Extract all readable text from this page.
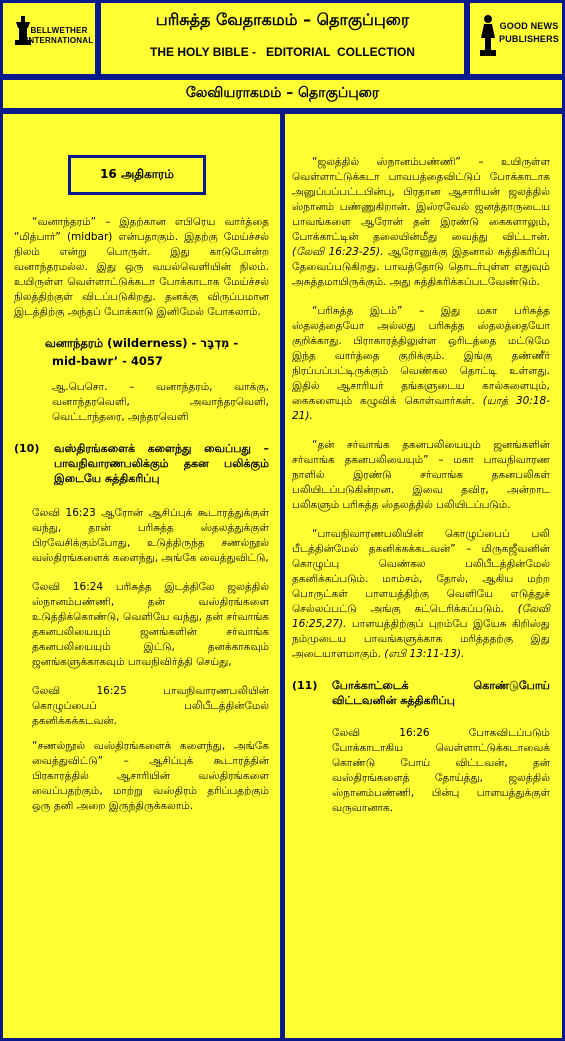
BELLWETHER
INTERNATIONAL
பரிசுத்த வேதாகமம் – தொகுப்புரை
THE HOLY BIBLE -   EDITORIAL  COLLECTION
GOOD NEWS
PUBLISHERS
லேவியராகமம் – தொகுப்புரை
16 அதிகாரம்

“வனாந்தரம்” – இதற்கான எபிரெய வார்த்தை “மித்பார்” (midbar) என்பதாகும். இதற்கு மேய்ச்சல் நிலம் என்று பொருள். இது காடுபோன்ற வனாந்தரமல்ல. இது ஒரு வயல்வெளியின் நிலம். உயிருள்ள வெள்ளாட்டுக்கடா போக்காடாக மேய்ச்சல் நிலத்திற்குள் விடப்படுகிறது. தனக்கு விருப்பமான இடத்திற்கு அந்தப் போக்காடு இனிமேல் போகலாம்.

வனாந்தரம் (wilderness) - מִדְבָּר -
mid-bawr’ - 4057

ஆ.பெசொ. – வனாந்தரம், வாக்கு, வனாந்தரவெளி, அவாந்தரவெளி, வெட்டாந்தரை, அந்தரவெளி

(10)	வஸ்திரங்களைக் களைந்து வைப்பது – பாவநிவாரணபலிக்கும் தகன பலிக்கும் இடையே சுத்திகரிப்பு

லேவி 16:23 ஆரோன் ஆசிப்புக் கூடாரத்துக்குள் வந்து, தான் பரிசுத்த ஸ்தலத்துக்குள் பிரவேசிக்கும்போது, உடுத்திருந்த சணல்நூல் வஸ்திரங்களைக் களைந்து, அங்கே வைத்துவிட்டு,

லேவி 16:24 பரிசுத்த இடத்திலே ஜலத்தில் ஸ்நானம்பண்ணி, தன் வஸ்திரங்களை உடுத்திக்கொண்டு, வெளியே வந்து, தன் சர்வாங்க தகனபலியையும் ஜனங்களின் சர்வாங்க தகனபலியையும் இட்டு, தனக்காகவும் ஜனங்களுக்காகவும் பாவநிவிர்த்தி செய்து,

லேவி 16:25	பாவநிவாரணபலியின் கொழுப்பைப் பலிபீடத்தின்மேல் தகனிக்கக்கடவன்.

“சணல்நூல் வஸ்திரங்களைக் களைந்து, அங்கே வைத்துவிட்டு” – ஆசிப்புக் கூடாரத்தின் பிரகாரத்தில் ஆசாரியின் வஸ்திரங்களை வைப்பதற்கும், மாற்று வஸ்திரம் தரிப்பதற்கும் ஒரு தனி அறை இருந்திருக்கலாம்.

“ஜலத்தில் ஸ்நானம்பண்ணி” – உயிருள்ள வெள்ளாட்டுக்கடா பாவபத்தைவிட்டுப் போக்காடாக அனுப்பப்பட்டபின்பு, பிரதான ஆசாரியன் ஜலத்தில் ஸ்நானம் பண்ணுகிறான். இஸ்ரவேல் ஜனத்தாருடைய பாவங்களை ஆரோன் தன் இரண்டு கைகளாலும், போக்காட்டின் தலையின்மீது வைத்து விட்டான். (லேவி 16:23-25). ஆரோனுக்கு இதனால் சுத்திகரிப்பு தேவைப்படுகிறது. பாவத்தோடு தொடர்புள்ள எதுவும் அசுத்தமாயிருக்கும். அது சுத்திகரிக்கப்படவேண்டும்.

“பரிசுத்த இடம்” – இது மகா பரிசுத்த ஸ்தலத்தையோ அல்லது பரிசுத்த ஸ்தலத்தையோ குறிக்காது. பிராகாரத்திலுள்ள ஒரிடத்தை மட்டுமே இந்த வார்த்தை குறிக்கும். இங்கு தண்ணீர் நிரப்பப்பட்டிருக்கும் வெண்கல தொட்டி உள்ளது. இதில் ஆசாரியர் தங்களுடைய கால்களையும், கைகளையும் கழுவிக் கொள்வார்கள். (யாத் 30:18-21).

“தன் சர்வாங்க தகனபலியையும் ஜனங்களின் சர்வாங்க தகனபலியையும்” – மகா பாவநிவாரண நாளில் இரண்டு சர்வாங்க தகனபலிகள் பலியிடப்படுகின்றன. இவை தவிர, அன்றாட பலிகளும் பரிசுத்த ஸ்தலத்தில் பலியிடப்படும்.

“பாவநிவாரணபலியின் கொழுப்பைப் பலி பீடத்தின்மேல் தகனிக்கக்கடவன்” – மிருகஜீவனின் கொழுப்பு வெண்கல பலிபீடத்தின்மேல் தகனிக்கப்படும். மாம்சம், தோல், ஆகிய மற்ற பொருட்கள் பாளயத்திற்கு வெளியே எடுத்துச் செல்லப்பட்டு அங்கு சுட்டெரிக்கப்படும். (லேவி 16:25,27). பாளயத்திற்குப் புறம்பே இயேசு கிறிஸ்து நம்முடைய பாவங்களுக்காக மரித்ததற்கு இது அடையாளமாகும். (எபி 13:11-13).

(11)	போக்காட்டைக் கொண்டுபோய் விட்டவனின் சுத்திகரிப்பு

லேவி 16:26	போகவிடப்படும் போக்காடாகிய வெள்ளாட்டுக்கடாவைக் கொண்டு போய் விட்டவன், தன் வஸ்திரங்களைத் தோய்த்து, ஜலத்தில் ஸ்நானம்பண்ணி, பின்பு பாளயத்துக்குள் வருவானாக.
